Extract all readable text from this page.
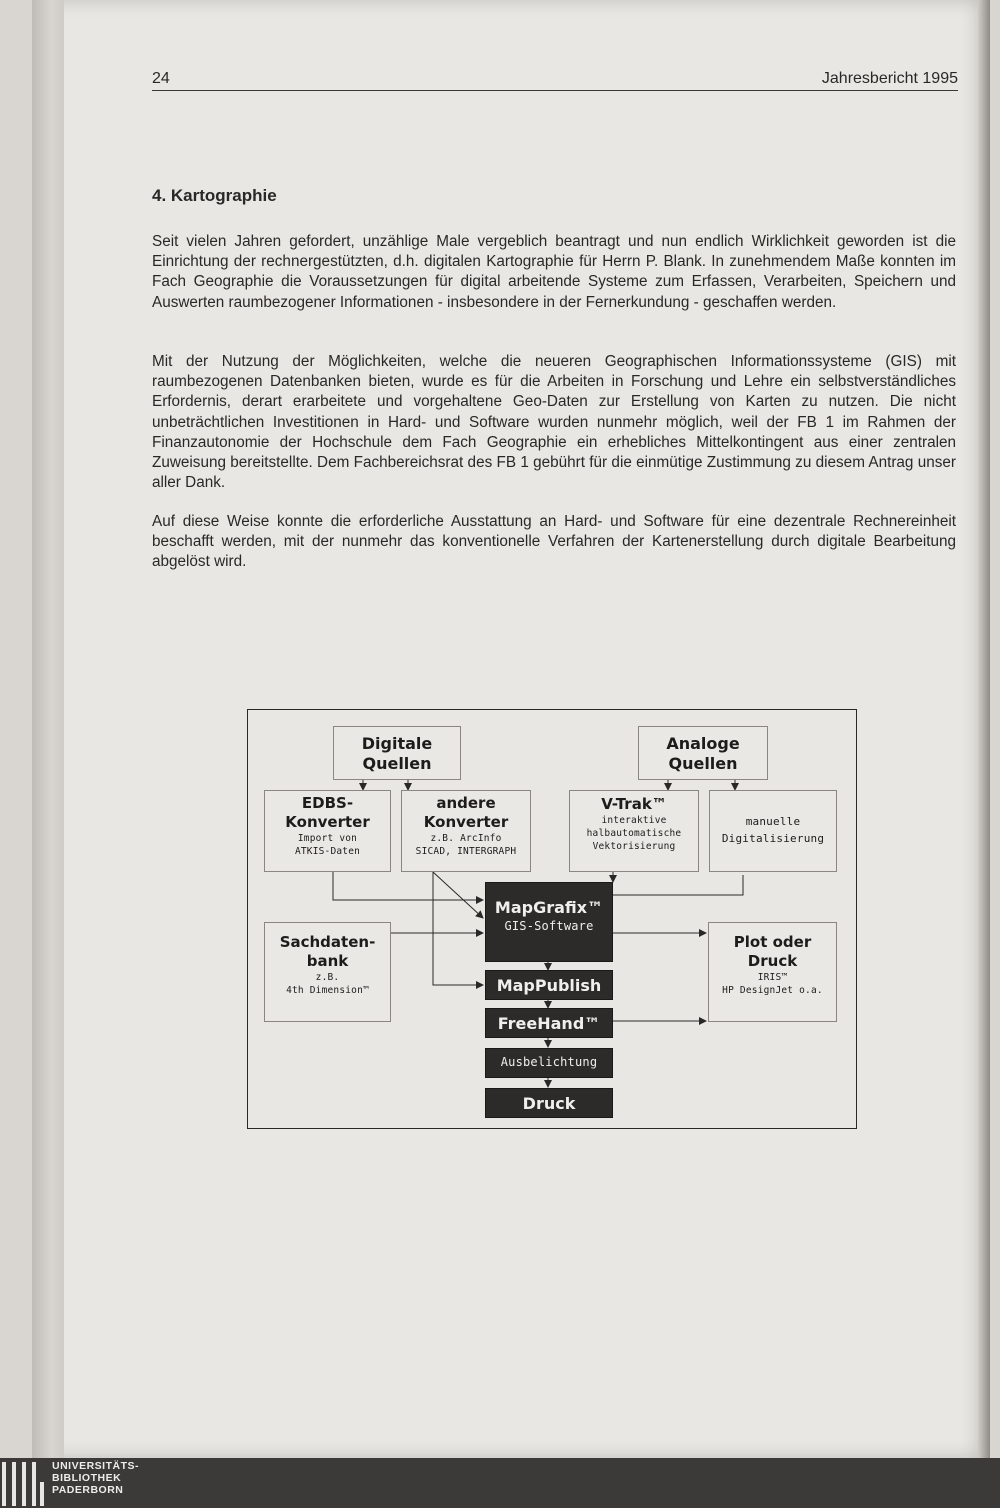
24	Jahresbericht 1995
4. Kartographie

Seit vielen Jahren gefordert, unzählige Male vergeblich beantragt und nun endlich Wirklichkeit geworden ist die Einrichtung der rechnergestützten, d.h. digitalen Kartographie für Herrn P. Blank. In zunehmendem Maße konnten im Fach Geographie die Voraussetzungen für digital arbeitende Systeme zum Erfassen, Verarbeiten, Speichern und Auswerten raumbezogener Informationen - insbesondere in der Fernerkundung - geschaffen werden.

Mit der Nutzung der Möglichkeiten, welche die neueren Geographischen Informationssysteme (GIS) mit raumbezogenen Datenbanken bieten, wurde es für die Arbeiten in Forschung und Lehre ein selbstverständliches Erfordernis, derart erarbeitete und vorgehaltene Geo-Daten zur Erstellung von Karten zu nutzen. Die nicht unbeträchtlichen Investitionen in Hard- und Software wurden nunmehr möglich, weil der FB 1 im Rahmen der Finanzautonomie der Hochschule dem Fach Geographie ein erhebliches Mittelkontingent aus einer zentralen Zuweisung bereitstellte. Dem Fachbereichsrat des FB 1 gebührt für die einmütige Zustimmung zu diesem Antrag unser aller Dank.

Auf diese Weise konnte die erforderliche Ausstattung an Hard- und Software für eine dezentrale Rechnereinheit beschafft werden, mit der nunmehr das konventionelle Verfahren der Kartenerstellung durch digitale Bearbeitung abgelöst wird.

Digitale
Quellen
Analoge
Quellen
EDBS-
Konverter
Import von
ATKIS-Daten
andere
Konverter
z.B. ArcInfo
SICAD, INTERGRAPH
V-Trak™
interaktive
halbautomatische
Vektorisierung
manuelle
Digitalisierung
Sachdaten-
bank
z.B.
4th Dimension™
MapGrafix™
GIS-Software
Plot oder
Druck
IRIS™
HP DesignJet o.a.
MapPublish
FreeHand™
Ausbelichtung
Druck
UNIVERSITÄTS-
BIBLIOTHEK
PADERBORN
